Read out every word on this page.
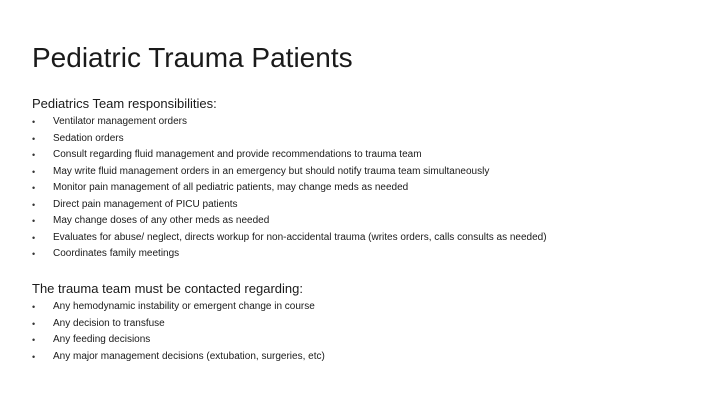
Pediatric Trauma Patients
Pediatrics Team responsibilities:
•	Ventilator management orders
•	Sedation orders
•	Consult regarding fluid management and provide recommendations to trauma team
•	May write fluid management orders in an emergency but should notify trauma team simultaneously
•	Monitor pain management of all pediatric patients, may change meds as needed
•	Direct pain management of PICU patients
•	May change doses of any other meds as needed
•	Evaluates for abuse/ neglect, directs workup for non-accidental trauma (writes orders, calls consults as needed)
•	Coordinates family meetings
The trauma team must be contacted regarding:
•	Any hemodynamic instability or emergent change in course
•	Any decision to transfuse
•	Any feeding decisions
•	Any major management decisions (extubation, surgeries, etc)
